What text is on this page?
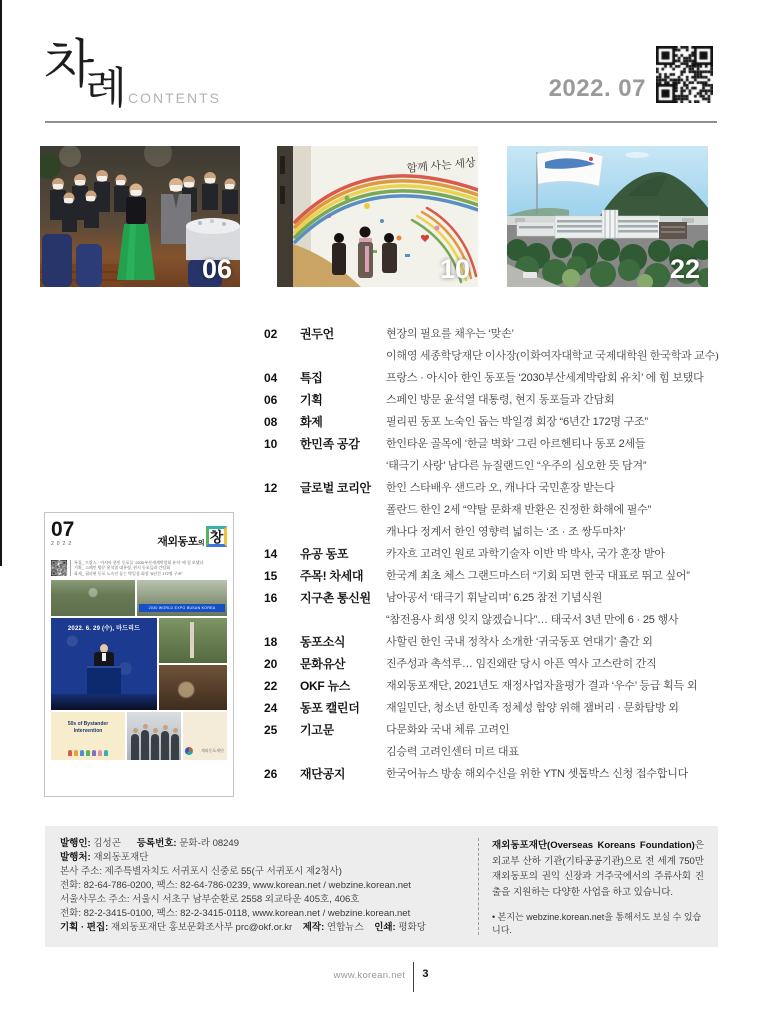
차례 CONTENTS	2022. 07
06
함께 사는 세상
10	22
02	권두언	현장의 필요를 채우는 ‘맞손’
이해영 세종학당재단 이사장(이화여자대학교 국제대학원 한국학과 교수)
04	특집	프랑스 · 아시아 한인 동포들 ‘2030부산세계박람회 유치’ 에 힘 보탰다
06	기획	스페인 방문 윤석열 대통령, 현지 동포들과 간담회
08	화제	필리핀 동포 노숙인 돕는 박일경 회장 “6년간 172명 구조”
10	한민족 공감	한인타운 골목에 ‘한글 벽화’ 그린 아르헨티나 동포 2세들
‘태극기 사랑’ 남다른 뉴질랜드인 “우주의 심오한 뜻 담겨”
12	글로벌 코리안	한인 스타배우 샌드라 오, 캐나다 국민훈장 받는다
폴란드 한인 2세 “약탈 문화재 반환은 진정한 화해에 필수”
캐나다 정계서 한인 영향력 넓히는 ‘조 · 조 쌍두마차’
14	유공 동포	카자흐 고려인 원로 과학기술자 이반 박 박사, 국가 훈장 받아
15	주목! 차세대	한국계 최초 체스 그랜드마스터 “기회 되면 한국 대표로 뛰고 싶어”
16	지구촌 통신원	남아공서 ‘태극기 휘날리며’ 6.25 참전 기념식원
“참전용사 희생 잊지 않겠습니다”… 태국서 3년 만에 6 · 25 행사
18	동포소식	사할린 한인 국내 정착사 소개한 ‘귀국동포 연대기’ 출간 외
20	문화유산	진주성과 촉석루… 임진왜란 당시 아픈 역사 고스란히 간직
22	OKF 뉴스	재외동포재단, 2021년도 재정사업자율평가 결과 ‘우수’ 등급 획득 외
24	동포 캘린더	재일민단, 청소년 한민족 정체성 함양 위해 잼버리 · 문화탐방 외
25	기고문	다문화와 국내 체류 고려인
김승력 고려인센터 미르 대표
26	재단공지	한국어뉴스 방송 해외수신을 위한 YTN 셋톱박스 신청 접수합니다
07
2022	재외동포의 창
특집_ 프랑스 · 아시아 한인 동포들 ‘2030부산세계박람회 유치’ 에 힘 보탰다
기획_ 스페인 방문 윤석열 대통령, 현지 동포들과 간담회
화제_ 필리핀 동포 노숙인 돕는 박일경 회장 “6년간 172명 구조”
2030 WORLD EXPO BUSAN KOREA
2022. 6. 29 (수), 마드리드
50s of Bystander Intervention
재외동포재단
발행인: 김성곤 등록번호: 문화-라 08249
발행처: 재외동포재단
본사 주소: 제주특별자치도 서귀포시 신중로 55(구 서귀포시 제2청사)
전화: 82-64-786-0200, 팩스: 82-64-786-0239, www.korean.net / webzine.korean.net
서울사무소 주소: 서울시 서초구 남부순환로 2558 외교타운 405호, 406호
전화: 82-2-3415-0100, 팩스: 82-2-3415-0118, www.korean.net / webzine.korean.net
기획 · 편집: 재외동포재단 홍보문화조사부 prc@okf.or.kr 제작: 연합뉴스 인쇄: 평화당
재외동포재단(Overseas Koreans Foundation)은 외교부 산하 기관(기타공공기관)으로 전 세계 750만 재외동포의 권익 신장과 거주국에서의 주류사회 진출을 지원하는 다양한 사업을 하고 있습니다.
• 본지는 webzine.korean.net을 통해서도 보실 수 있습니다.
www.korean.net 3
